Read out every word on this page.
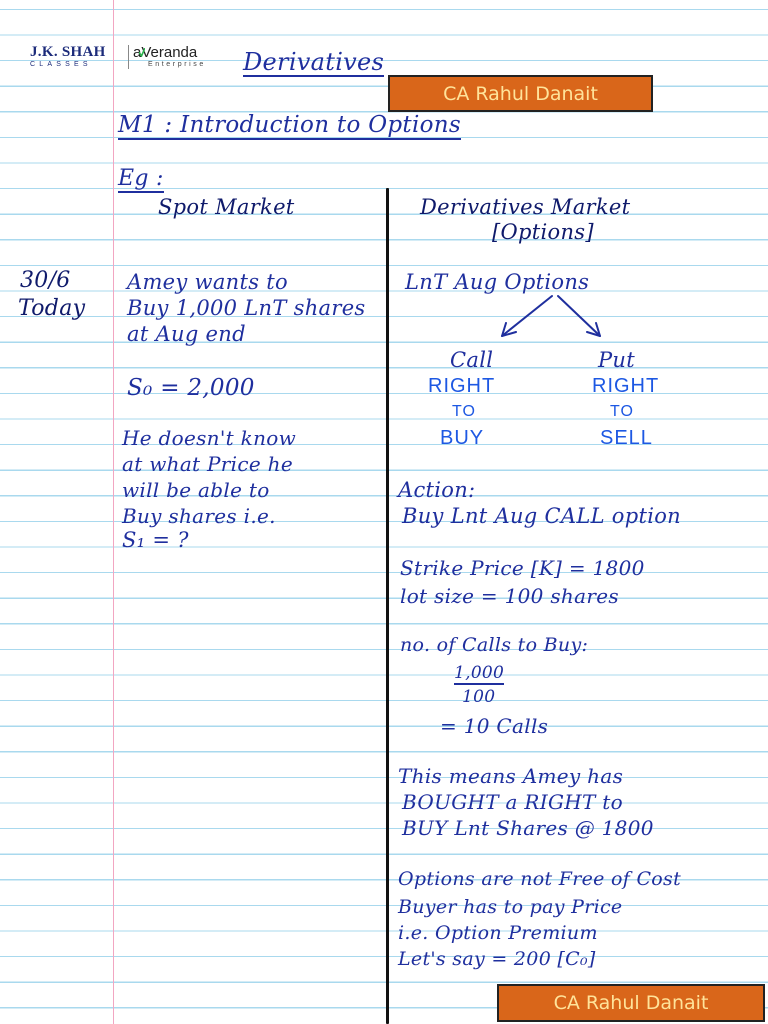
J.K. SHAH
CLASSES
aVeranda
Enterprise Derivatives
CA Rahul Danait
M1 : Introduction to Options
Eg :
Spot Market	Derivatives Market
[Options]
30/6
Today
Amey wants to
Buy 1,000 LnT shares
at Aug end
S₀ = 2,000
He doesn't know
at what Price he
will be able to
Buy shares i.e.
S₁ = ?
LnT Aug Options
Call
RIGHT
TO
BUY
Put
RIGHT
TO
SELL
Action:
Buy Lnt Aug CALL option
Strike Price [K] = 1800
lot size = 100 shares
no. of Calls to Buy:
1,000
100
= 10 Calls
This means Amey has
BOUGHT a RIGHT to
BUY Lnt Shares @ 1800
Options are not Free of Cost
Buyer has to pay Price
i.e. Option Premium
Let's say = 200 [C₀]
CA Rahul Danait
